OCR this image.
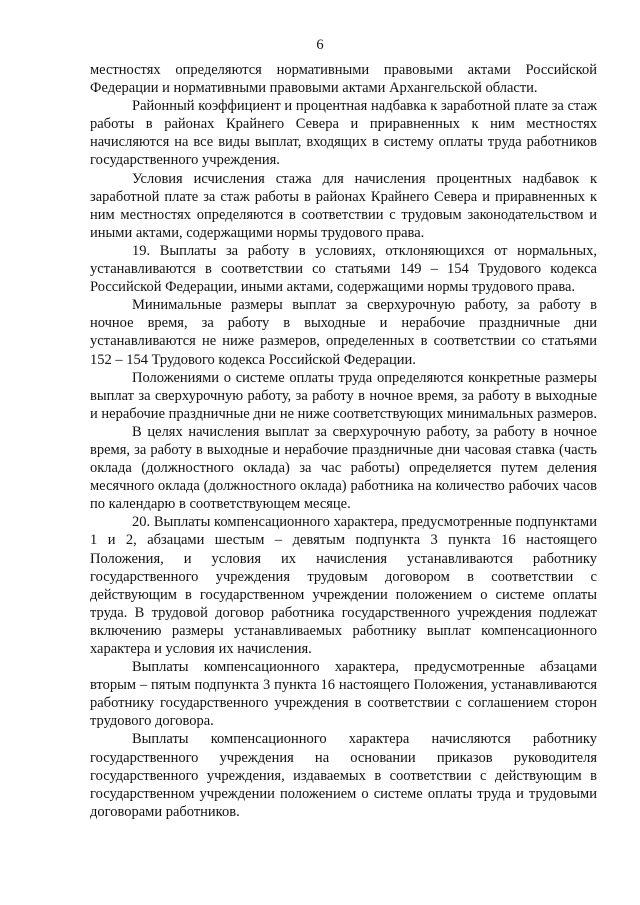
6

местностях определяются нормативными правовыми актами Российской Федерации и нормативными правовыми актами Архангельской области.

Районный коэффициент и процентная надбавка к заработной плате за стаж работы в районах Крайнего Севера и приравненных к ним местностях начисляются на все виды выплат, входящих в систему оплаты труда работников государственного учреждения.

Условия исчисления стажа для начисления процентных надбавок к заработной плате за стаж работы в районах Крайнего Севера и приравненных к ним местностях определяются в соответствии с трудовым законодательством и иными актами, содержащими нормы трудового права.

19. Выплаты за работу в условиях, отклоняющихся от нормальных, устанавливаются в соответствии со статьями 149 – 154 Трудового кодекса Российской Федерации, иными актами, содержащими нормы трудового права.

Минимальные размеры выплат за сверхурочную работу, за работу в ночное время, за работу в выходные и нерабочие праздничные дни устанавливаются не ниже размеров, определенных в соответствии со статьями 152 – 154 Трудового кодекса Российской Федерации.

Положениями о системе оплаты труда определяются конкретные размеры выплат за сверхурочную работу, за работу в ночное время, за работу в выходные и нерабочие праздничные дни не ниже соответствующих минимальных размеров.

В целях начисления выплат за сверхурочную работу, за работу в ночное время, за работу в выходные и нерабочие праздничные дни часовая ставка (часть оклада (должностного оклада) за час работы) определяется путем деления месячного оклада (должностного оклада) работника на количество рабочих часов по календарю в соответствующем месяце.

20. Выплаты компенсационного характера, предусмотренные подпунктами 1 и 2, абзацами шестым – девятым подпункта 3 пункта 16 настоящего Положения, и условия их начисления устанавливаются работнику государственного учреждения трудовым договором в соответствии с действующим в государственном учреждении положением о системе оплаты труда. В трудовой договор работника государственного учреждения подлежат включению размеры устанавливаемых работнику выплат компенсационного характера и условия их начисления.

Выплаты компенсационного характера, предусмотренные абзацами вторым – пятым подпункта 3 пункта 16 настоящего Положения, устанавливаются работнику государственного учреждения в соответствии с соглашением сторон трудового договора.

Выплаты компенсационного характера начисляются работнику государственного учреждения на основании приказов руководителя государственного учреждения, издаваемых в соответствии с действующим в государственном учреждении положением о системе оплаты труда и трудовыми договорами работников.
